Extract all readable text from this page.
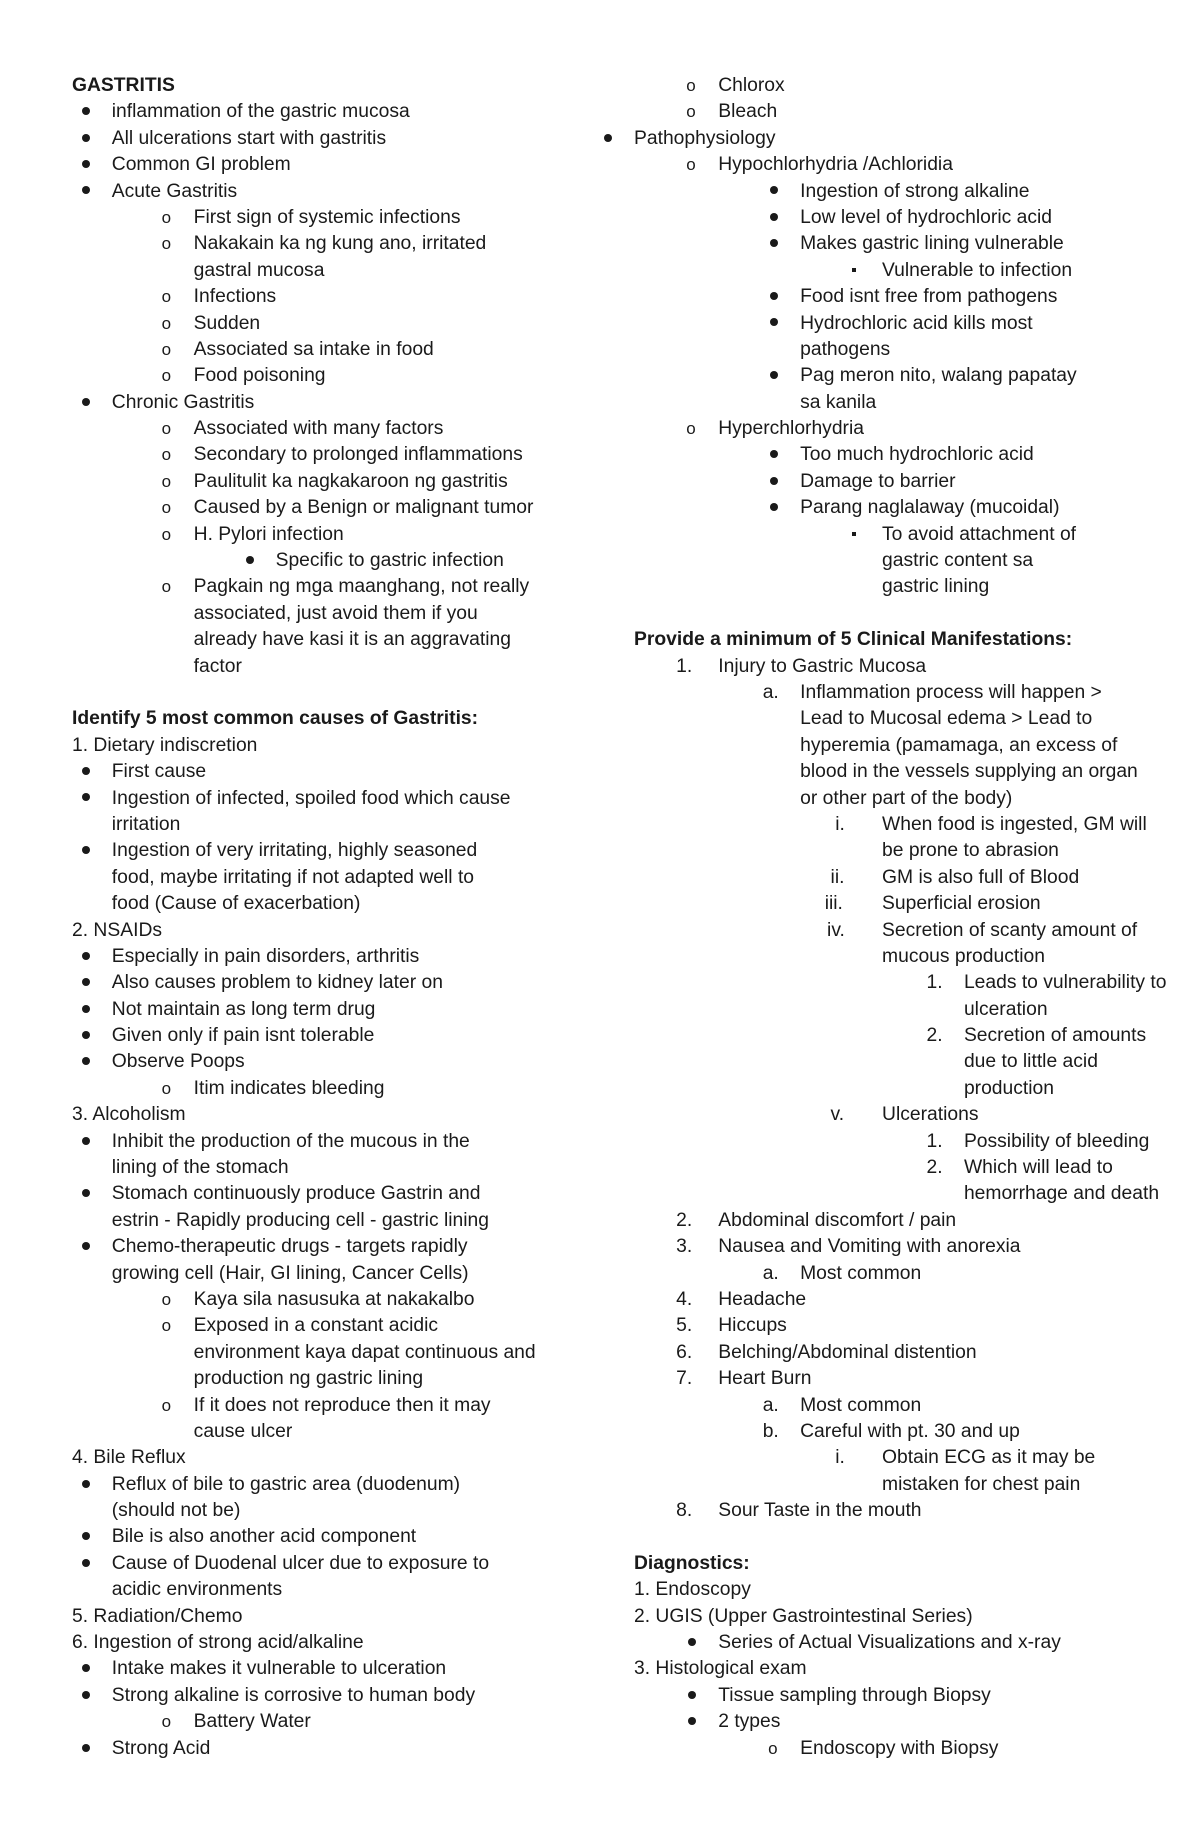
GASTRITIS
inflammation of the gastric mucosa
All ulcerations start with gastritis
Common GI problem
Acute Gastritis
o First sign of systemic infections
o Nakakain ka ng kung ano, irritated
gastral mucosa
o Infections
o Sudden
o Associated sa intake in food
o Food poisoning
Chronic Gastritis
o Associated with many factors
o Secondary to prolonged inflammations
o Paulitulit ka nagkakaroon ng gastritis
o Caused by a Benign or malignant tumor
o H. Pylori infection
Specific to gastric infection
o Pagkain ng mga maanghang, not really
associated, just avoid them if you
already have kasi it is an aggravating
factor
Identify 5 most common causes of Gastritis:
1. Dietary indiscretion
First cause
Ingestion of infected, spoiled food which cause
irritation
Ingestion of very irritating, highly seasoned
food, maybe irritating if not adapted well to
food (Cause of exacerbation)
2. NSAIDs
Especially in pain disorders, arthritis
Also causes problem to kidney later on
Not maintain as long term drug
Given only if pain isnt tolerable
Observe Poops
o Itim indicates bleeding
3. Alcoholism
Inhibit the production of the mucous in the
lining of the stomach
Stomach continuously produce Gastrin and
estrin - Rapidly producing cell - gastric lining
Chemo-therapeutic drugs - targets rapidly
growing cell (Hair, GI lining, Cancer Cells)
o Kaya sila nasusuka at nakakalbo
o Exposed in a constant acidic
environment kaya dapat continuous and
production ng gastric lining
o If it does not reproduce then it may
cause ulcer
4. Bile Reflux
Reflux of bile to gastric area (duodenum)
(should not be)
Bile is also another acid component
Cause of Duodenal ulcer due to exposure to
acidic environments
5. Radiation/Chemo
6. Ingestion of strong acid/alkaline
Intake makes it vulnerable to ulceration
Strong alkaline is corrosive to human body
o Battery Water
Strong Acid
o Chlorox
o Bleach
Pathophysiology
o Hypochlorhydria /Achloridia
Ingestion of strong alkaline
Low level of hydrochloric acid
Makes gastric lining vulnerable
Vulnerable to infection
Food isnt free from pathogens
Hydrochloric acid kills most
pathogens
Pag meron nito, walang papatay
sa kanila
o Hyperchlorhydria
Too much hydrochloric acid
Damage to barrier
Parang naglalaway (mucoidal)
To avoid attachment of
gastric content sa
gastric lining
Provide a minimum of 5 Clinical Manifestations:
1. Injury to Gastric Mucosa
a. Inflammation process will happen >
Lead to Mucosal edema > Lead to
hyperemia (pamamaga, an excess of
blood in the vessels supplying an organ
or other part of the body)
i. When food is ingested, GM will
be prone to abrasion
ii. GM is also full of Blood
iii. Superficial erosion
iv. Secretion of scanty amount of
mucous production
1. Leads to vulnerability to
ulceration
2. Secretion of amounts
due to little acid
production
v. Ulcerations
1. Possibility of bleeding
2. Which will lead to
hemorrhage and death
2. Abdominal discomfort / pain
3. Nausea and Vomiting with anorexia
a. Most common
4. Headache
5. Hiccups
6. Belching/Abdominal distention
7. Heart Burn
a. Most common
b. Careful with pt. 30 and up
i. Obtain ECG as it may be
mistaken for chest pain
8. Sour Taste in the mouth
Diagnostics:
1. Endoscopy
2. UGIS (Upper Gastrointestinal Series)
Series of Actual Visualizations and x-ray
3. Histological exam
Tissue sampling through Biopsy
2 types
o Endoscopy with Biopsy
